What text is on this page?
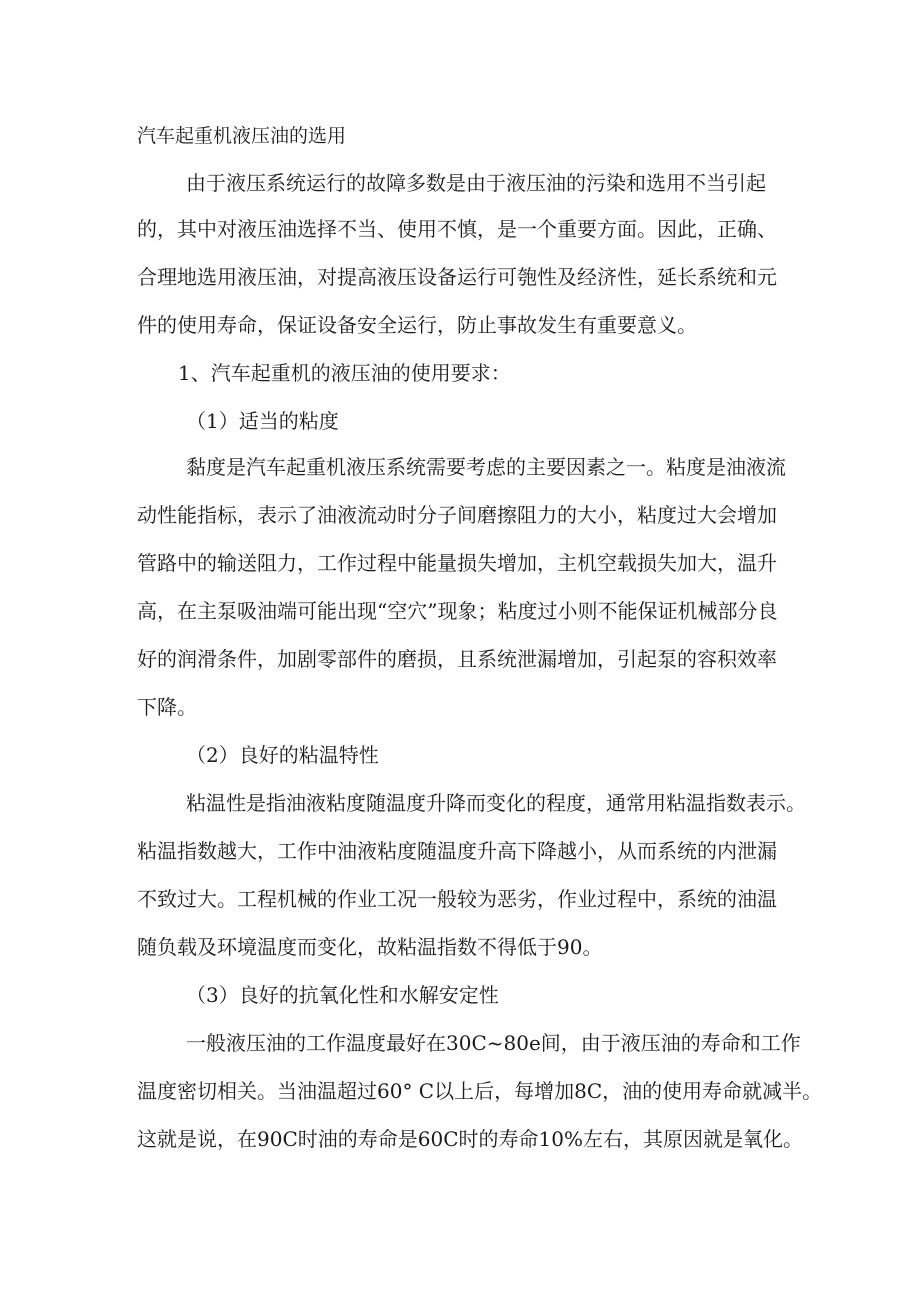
汽车起重机液压油的选用
由于液压系统运行的故障多数是由于液压油的污染和选用不当引起
的，其中对液压油选择不当、使用不慎，是一个重要方面。因此，正确、
合理地选用液压油，对提高液压设备运行可匏性及经济性，延长系统和元
件的使用寿命，保证设备安全运行，防止事故发生有重要意义。
1、汽车起重机的液压油的使用要求：
（1）适当的粘度
黏度是汽车起重机液压系统需要考虑的主要因素之一。粘度是油液流
动性能指标，表示了油液流动时分子间磨擦阻力的大小，粘度过大会增加
管路中的输送阻力，工作过程中能量损失增加，主机空载损失加大，温升
高，在主泵吸油端可能出现“空穴”现象；粘度过小则不能保证机械部分良
好的润滑条件，加剧零部件的磨损，且系统泄漏增加，引起泵的容积效率
下降。
（2）良好的粘温特性
粘温性是指油液粘度随温度升降而变化的程度，通常用粘温指数表示。
粘温指数越大，工作中油液粘度随温度升高下降越小，从而系统的内泄漏
不致过大。工程机械的作业工况一般较为恶劣，作业过程中，系统的油温
随负载及环境温度而变化，故粘温指数不得低于90。
（3）良好的抗氧化性和水解安定性
一般液压油的工作温度最好在30C~80e间，由于液压油的寿命和工作
温度密切相关。当油温超过60° C以上后，每增加8C，油的使用寿命就减半。
这就是说，在90C时油的寿命是60C时的寿命10%左右，其原因就是氧化。
